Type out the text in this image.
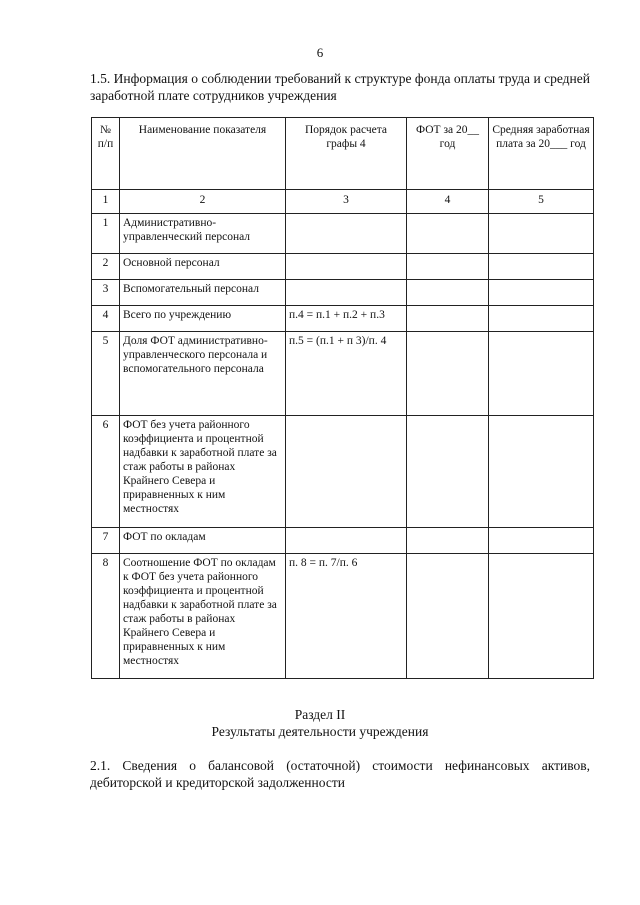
6
1.5. Информация о соблюдении требований к структуре фонда оплаты труда и средней заработной плате сотрудников учреждения
№ п/п	Наименование показателя	Порядок расчета графы 4	ФОТ за 20__ год	Средняя заработная плата за 20___ год
1	2	3	4	5
1	Административно-управленческий персонал			
2	Основной персонал			
3	Вспомогательный персонал			
4	Всего по учреждению	п.4 = п.1 + п.2 + п.3		
5	Доля ФОТ административно-управленческого персонала и вспомогательного персонала	п.5 = (п.1 + п 3)/п. 4		
6	ФОТ без учета районного коэффициента и процентной надбавки к заработной плате за стаж работы в районах Крайнего Севера и приравненных к ним местностях			
7	ФОТ по окладам			
8	Соотношение ФОТ по окладам к ФОТ без учета районного коэффициента и процентной надбавки к заработной плате за стаж работы в районах Крайнего Севера и приравненных к ним местностях	п. 8 = п. 7/п. 6		
Раздел II
Результаты деятельности учреждения
2.1. Сведения о балансовой (остаточной) стоимости нефинансовых активов, дебиторской и кредиторской задолженности
